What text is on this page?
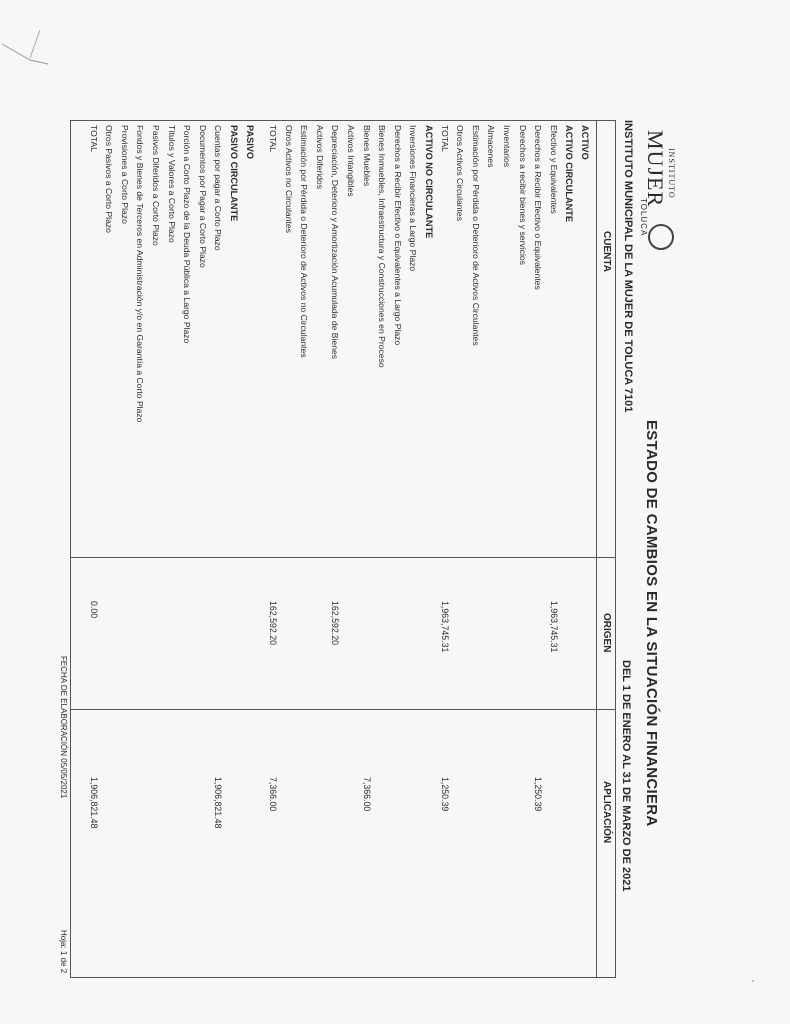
INSTITUTO
MUJER
TOLUCA
ESTADO DE CAMBIOS EN LA SITUACIÓN FINANCIERA
INSTITUTO MUNICIPAL DE LA MUJER DE TOLUCA 7101
DEL 1 DE ENERO AL 31 DE MARZO DE 2021
CUENTA
ORIGEN
APLICACIÓN
ACTIVO
ACTIVO CIRCULANTE
Efectivo y Equivalentes
1,963,745.31
Derechos a Recibir Efectivo o Equivalentes
1,250.39
Derechos a recibir bienes y servicios
Inventarios
Almacenes
Estimación por Pérdida o Deterioro de Activos Circulantes
Otros Activos Circulantes
TOTAL
1,963,745.31
1,250.39
ACTIVO NO CIRCULANTE
Inversiones Financieras a Largo Plazo
Derechos a Recibir Efectivo o Equivalentes a Largo Plazo
Bienes Inmuebles, Infraestructura y Construcciones en Proceso
Bienes Muebles
7,366.00
Activos Intangibles
Depreciación, Deterioro y Amortización Acumulada de Bienes
162,592.20
Activos Diferidos
Estimación por Pérdida o Deterioro de Activos no Circulantes
Otros Activos no Circulantes
TOTAL
162,592.20
7,366.00
PASIVO
PASIVO CIRCULANTE
Cuentas por pagar a Corto Plazo
1,906,821.48
Documentos por Pagar a Corto Plazo
Porción a Corto Plazo de la Deuda Pública a Largo Plazo
Títulos y Valores a Corto Plazo
Pasivos Diferidos a Corto Plazo
Fondos y Bienes de Terceros en Administración y/o en Garantía a Corto Plazo
Provisiones a Corto Plazo
Otros Pasivos a Corto Plazo
TOTAL
0.00
1,906,821.48
FECHA DE ELABORACIÓN 05/05/2021
Hoja: 1 de 2
